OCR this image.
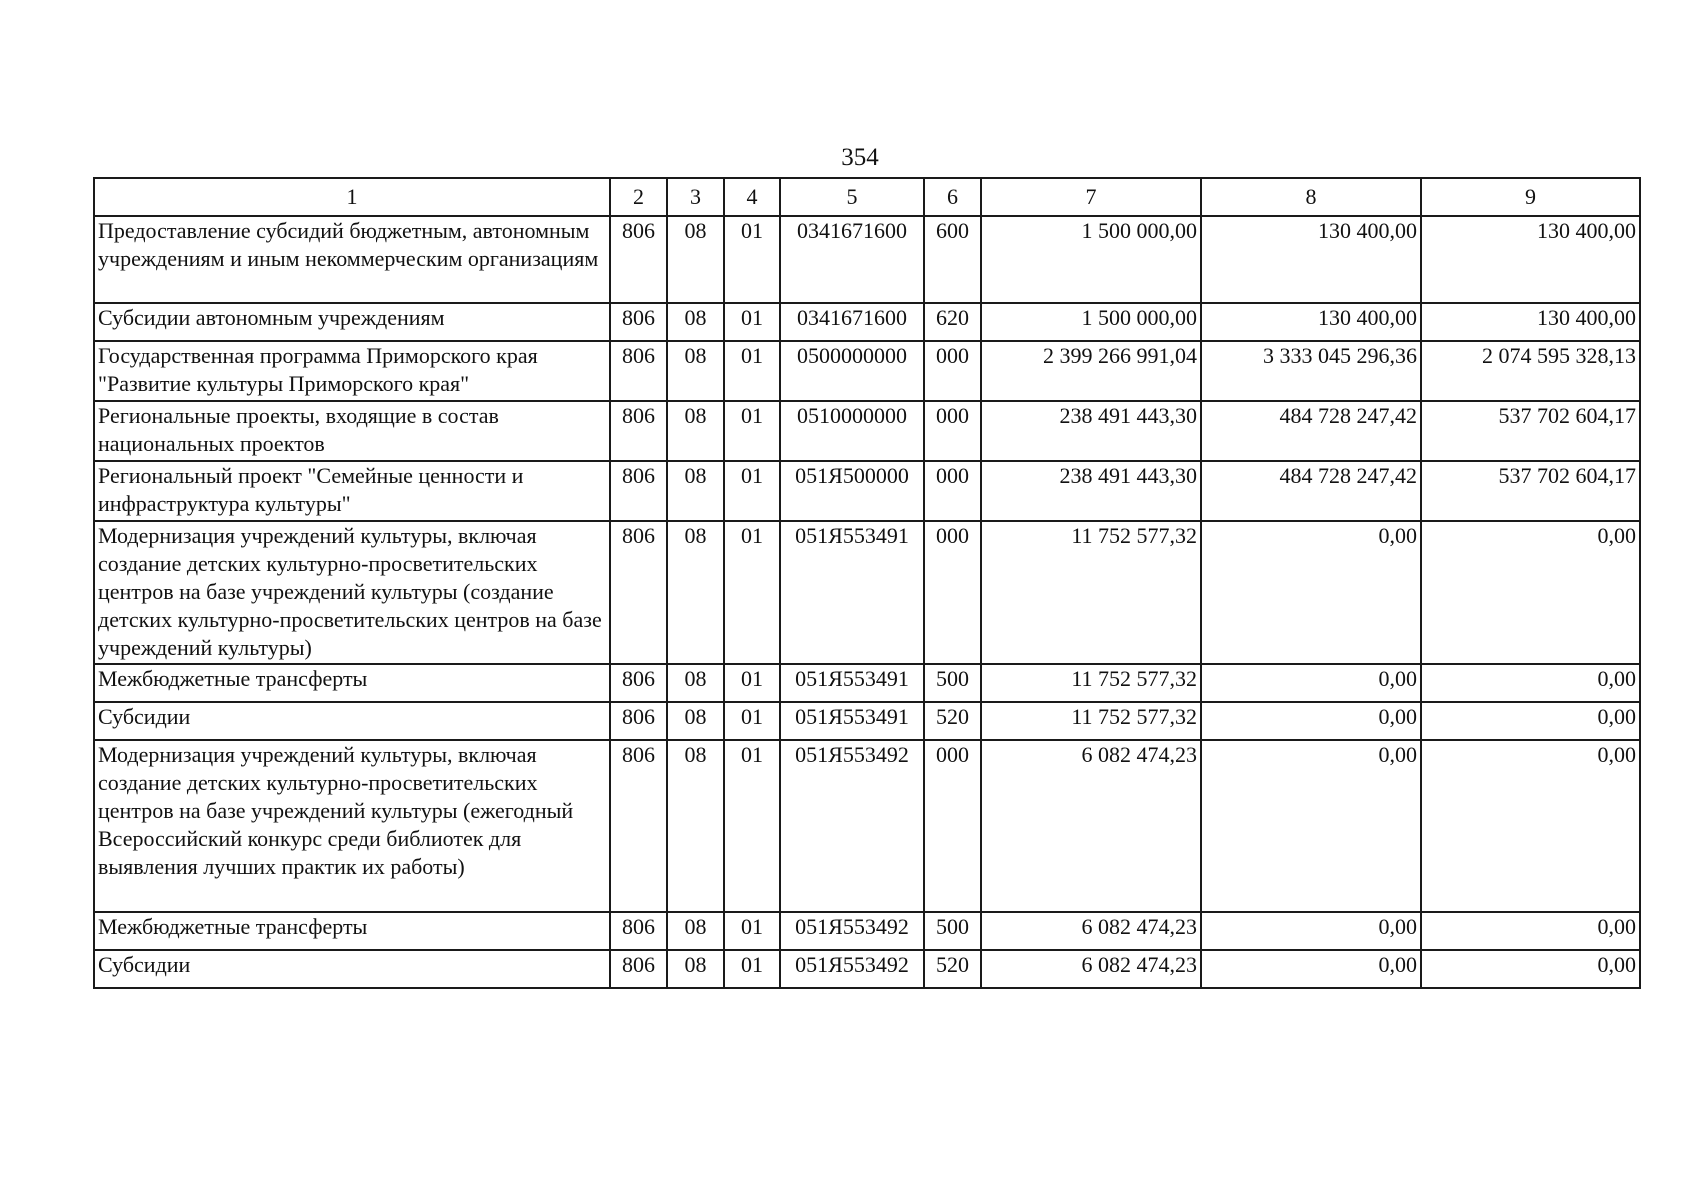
354
1	2	3	4	5	6	7	8	9
Предоставление субсидий бюджетным, автономным учреждениям и иным некоммерческим организациям	806	08	01	0341671600	600	1 500 000,00	130 400,00	130 400,00
Субсидии автономным учреждениям	806	08	01	0341671600	620	1 500 000,00	130 400,00	130 400,00
Государственная программа Приморского края "Развитие культуры Приморского края"	806	08	01	0500000000	000	2 399 266 991,04	3 333 045 296,36	2 074 595 328,13
Региональные проекты, входящие в состав национальных проектов	806	08	01	0510000000	000	238 491 443,30	484 728 247,42	537 702 604,17
Региональный проект "Семейные ценности и инфраструктура культуры"	806	08	01	051Я500000	000	238 491 443,30	484 728 247,42	537 702 604,17
Модернизация учреждений культуры, включая создание детских культурно-просветительских центров на базе учреждений культуры (создание детских культурно-просветительских центров на базе учреждений культуры)	806	08	01	051Я553491	000	11 752 577,32	0,00	0,00
Межбюджетные трансферты	806	08	01	051Я553491	500	11 752 577,32	0,00	0,00
Субсидии	806	08	01	051Я553491	520	11 752 577,32	0,00	0,00
Модернизация учреждений культуры, включая создание детских культурно-просветительских центров на базе учреждений культуры (ежегодный Всероссийский конкурс среди библиотек для выявления лучших практик их работы)	806	08	01	051Я553492	000	6 082 474,23	0,00	0,00
Межбюджетные трансферты	806	08	01	051Я553492	500	6 082 474,23	0,00	0,00
Субсидии	806	08	01	051Я553492	520	6 082 474,23	0,00	0,00
